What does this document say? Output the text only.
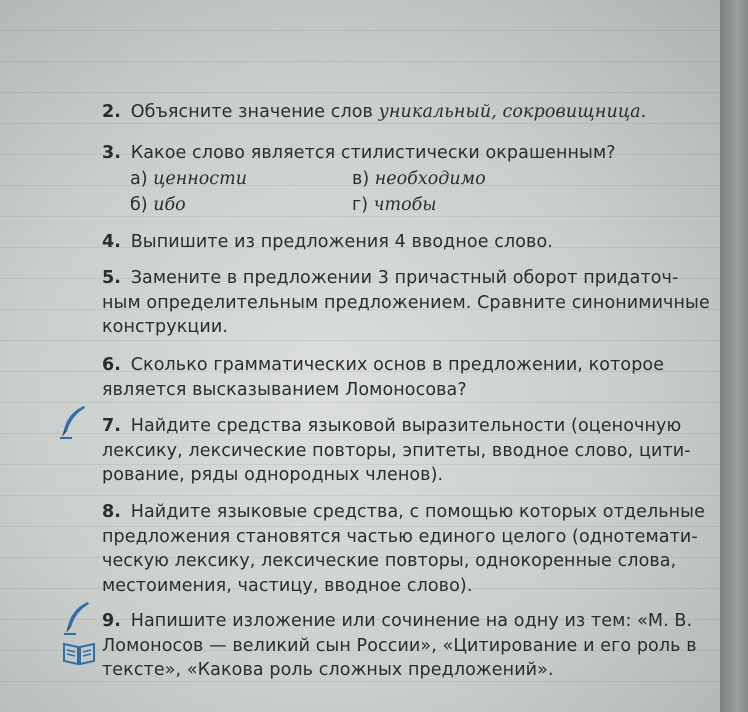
2. Объясните значение слов уникальный, сокровищница.
3. Какое слово является стилистически окрашенным?
а) ценности	в) необходимо
б) ибо	г) чтобы
4. Выпишите из предложения 4 вводное слово.
5. Замените в предложении 3 причастный оборот придаточ-ным определительным предложением. Сравните синонимичные конструкции.
6. Сколько грамматических основ в предложении, которое является высказыванием Ломоносова?
7. Найдите средства языковой выразительности (оценочную лексику, лексические повторы, эпитеты, вводное слово, цити-рование, ряды однородных членов).
8. Найдите языковые средства, с помощью которых отдельные предложения становятся частью единого целого (однотемати-ческую лексику, лексические повторы, однокоренные слова, местоимения, частицу, вводное слово).
9. Напишите изложение или сочинение на одну из тем: «М. В. Ломоносов — великий сын России», «Цитирование и его роль в тексте», «Какова роль сложных предложений».
